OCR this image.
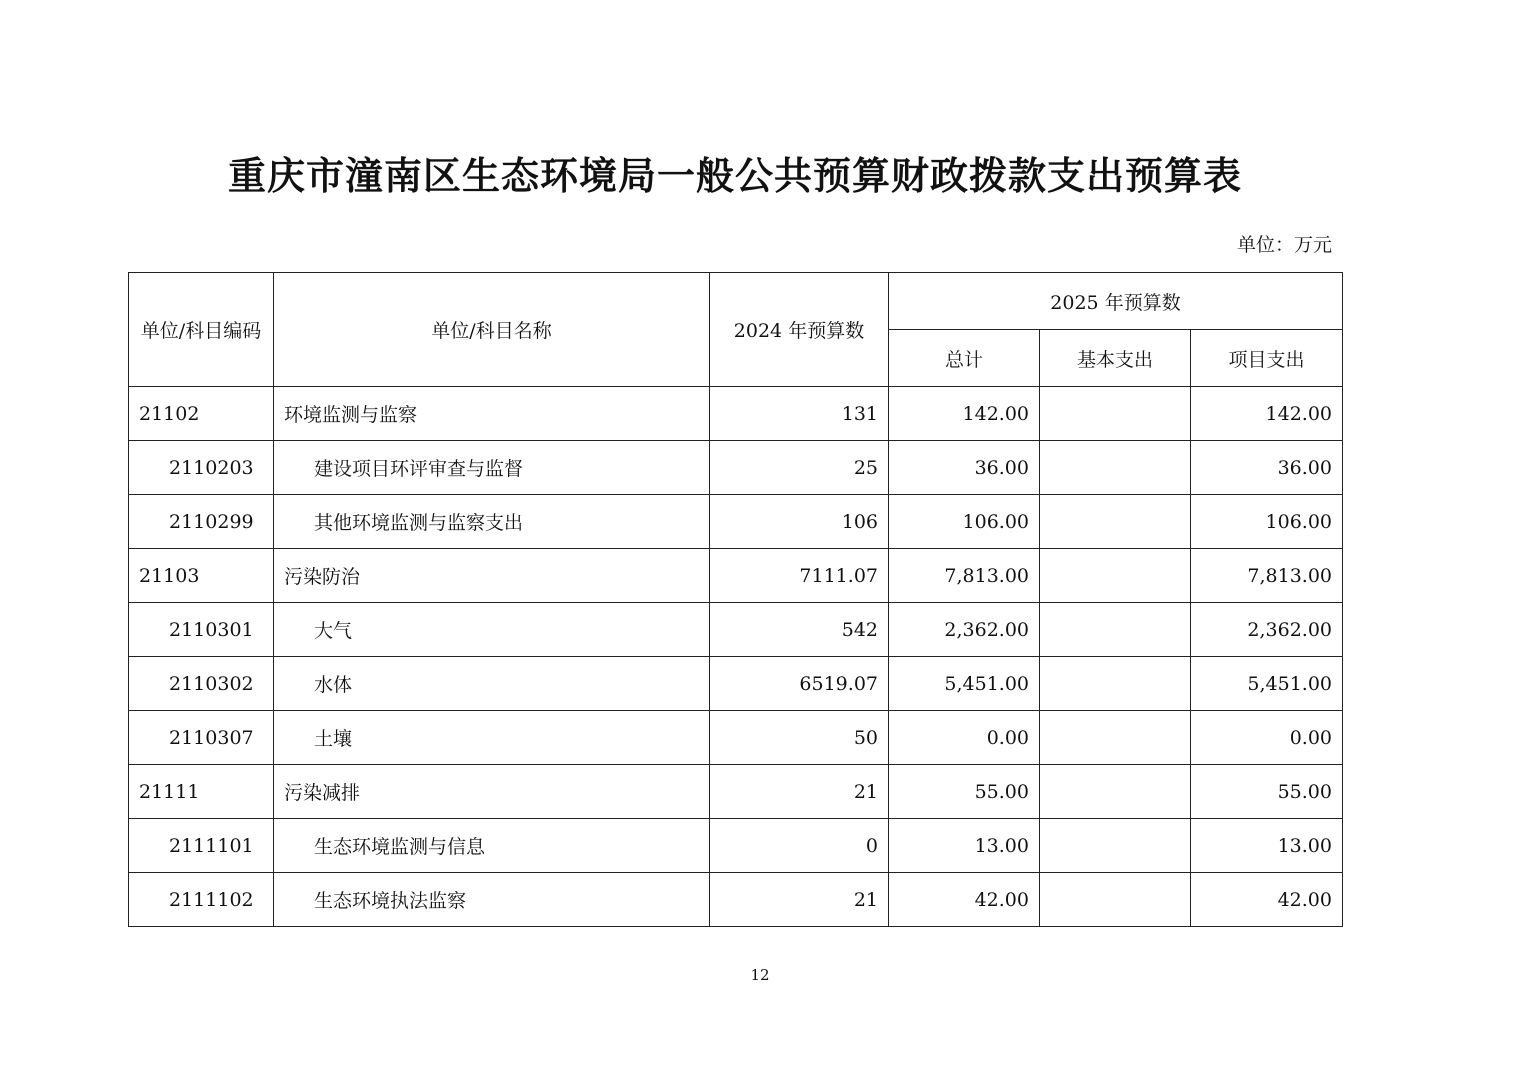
重庆市潼南区生态环境局一般公共预算财政拨款支出预算表
单位：万元
单位/科目编码	单位/科目名称	2024 年预算数	2025 年预算数		
			总计	基本支出	项目支出
21102	环境监测与监察	131	142.00		142.00
2110203	建设项目环评审查与监督	25	36.00		36.00
2110299	其他环境监测与监察支出	106	106.00		106.00
21103	污染防治	7111.07	7,813.00		7,813.00
2110301	大气	542	2,362.00		2,362.00
2110302	水体	6519.07	5,451.00		5,451.00
2110307	土壤	50	0.00		0.00
21111	污染减排	21	55.00		55.00
2111101	生态环境监测与信息	0	13.00		13.00
2111102	生态环境执法监察	21	42.00		42.00
12
